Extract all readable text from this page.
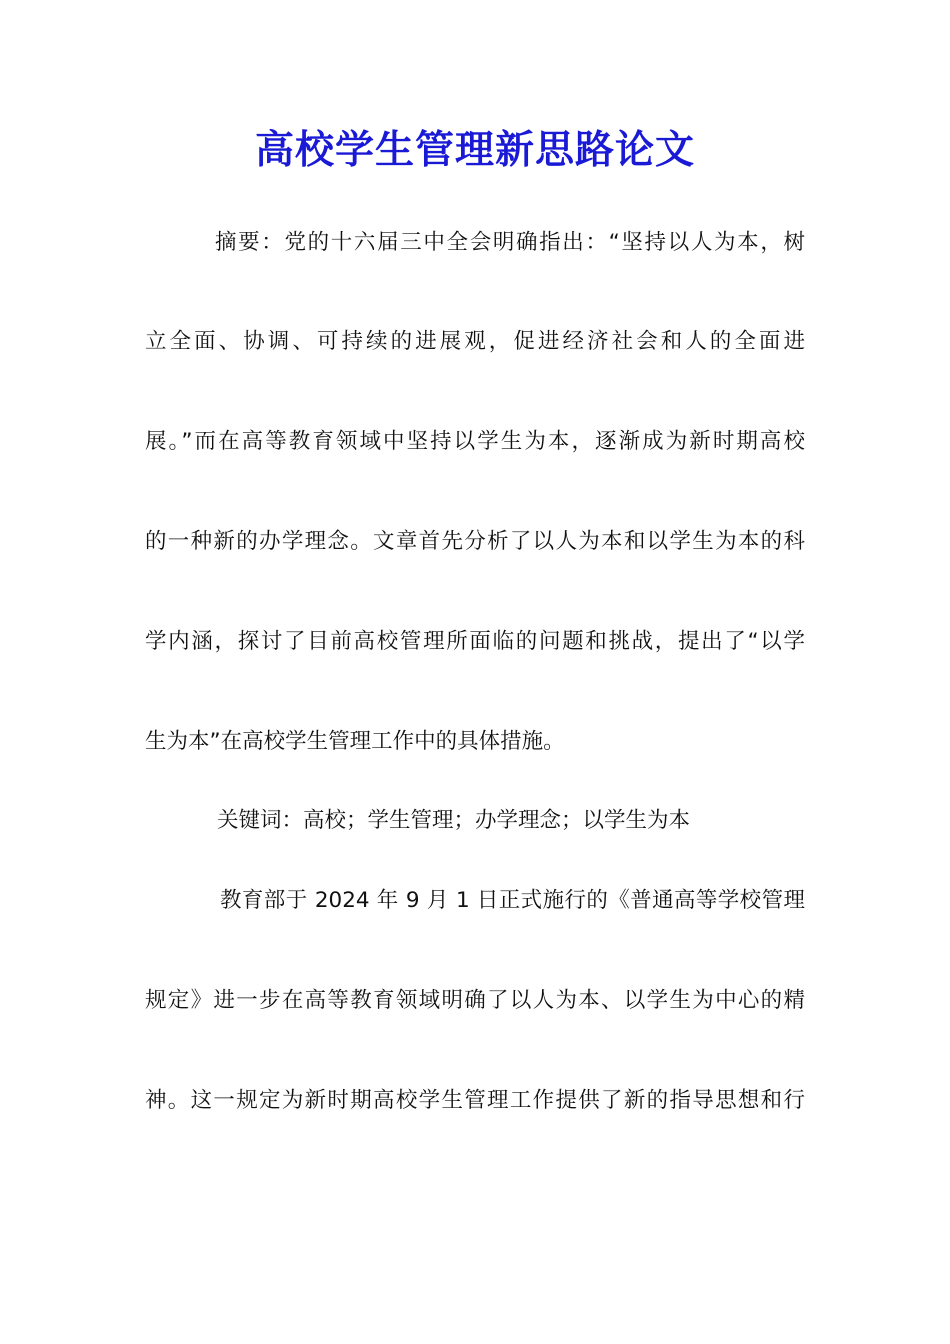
高校学生管理新思路论文
摘要：党的十六届三中全会明确指出：“坚持以人为本，树
立全面、协调、可持续的进展观，促进经济社会和人的全面进
展。”而在高等教育领域中坚持以学生为本，逐渐成为新时期高校
的一种新的办学理念。文章首先分析了以人为本和以学生为本的科
学内涵，探讨了目前高校管理所面临的问题和挑战，提出了“以学
生为本”在高校学生管理工作中的具体措施。
关键词：高校；学生管理；办学理念；以学生为本
教育部于 2024 年 9 月 1 日正式施行的《普通高等学校管理
规定》进一步在高等教育领域明确了以人为本、以学生为中心的精
神。这一规定为新时期高校学生管理工作提供了新的指导思想和行
